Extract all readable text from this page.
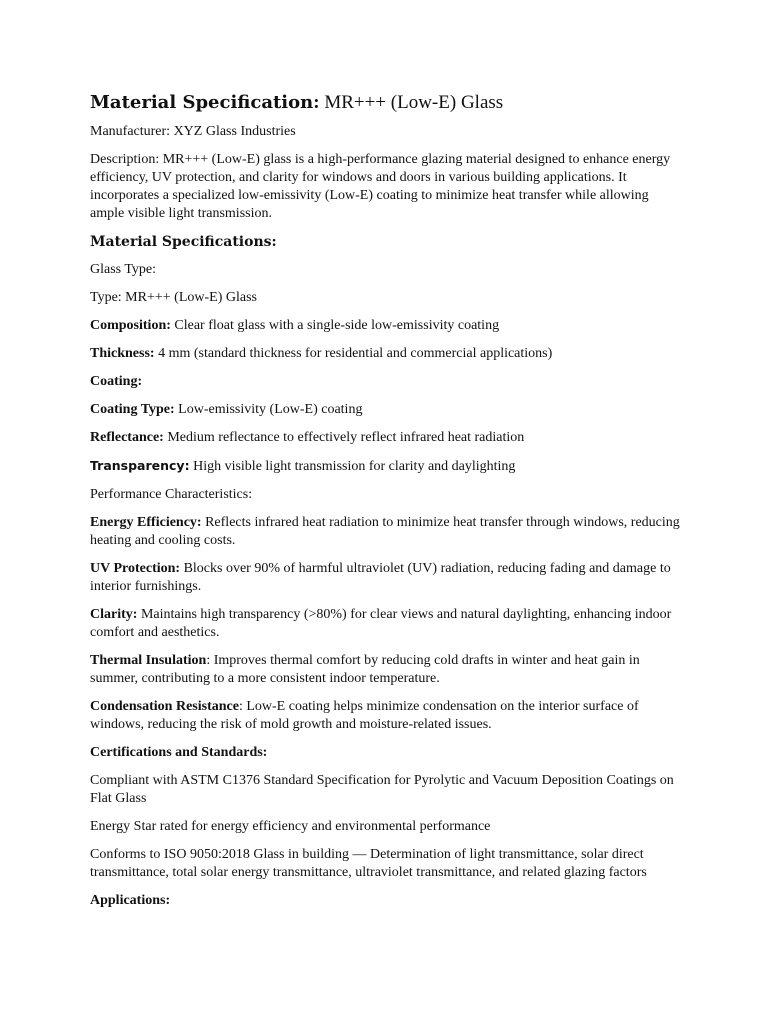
Material Specification: MR+++ (Low-E) Glass

Manufacturer: XYZ Glass Industries

Description: MR+++ (Low-E) glass is a high-performance glazing material designed to enhance energy efficiency, UV protection, and clarity for windows and doors in various building applications. It incorporates a specialized low-emissivity (Low-E) coating to minimize heat transfer while allowing ample visible light transmission.

Material Specifications:

Glass Type:

Type: MR+++ (Low-E) Glass

Composition: Clear float glass with a single-side low-emissivity coating

Thickness: 4 mm (standard thickness for residential and commercial applications)

Coating:

Coating Type: Low-emissivity (Low-E) coating

Reflectance: Medium reflectance to effectively reflect infrared heat radiation

Transparency: High visible light transmission for clarity and daylighting

Performance Characteristics:

Energy Efficiency: Reflects infrared heat radiation to minimize heat transfer through windows, reducing heating and cooling costs.

UV Protection: Blocks over 90% of harmful ultraviolet (UV) radiation, reducing fading and damage to interior furnishings.

Clarity: Maintains high transparency (>80%) for clear views and natural daylighting, enhancing indoor comfort and aesthetics.

Thermal Insulation: Improves thermal comfort by reducing cold drafts in winter and heat gain in summer, contributing to a more consistent indoor temperature.

Condensation Resistance: Low-E coating helps minimize condensation on the interior surface of windows, reducing the risk of mold growth and moisture-related issues.

Certifications and Standards:

Compliant with ASTM C1376 Standard Specification for Pyrolytic and Vacuum Deposition Coatings on Flat Glass

Energy Star rated for energy efficiency and environmental performance

Conforms to ISO 9050:2018 Glass in building — Determination of light transmittance, solar direct transmittance, total solar energy transmittance, ultraviolet transmittance, and related glazing factors

Applications:
